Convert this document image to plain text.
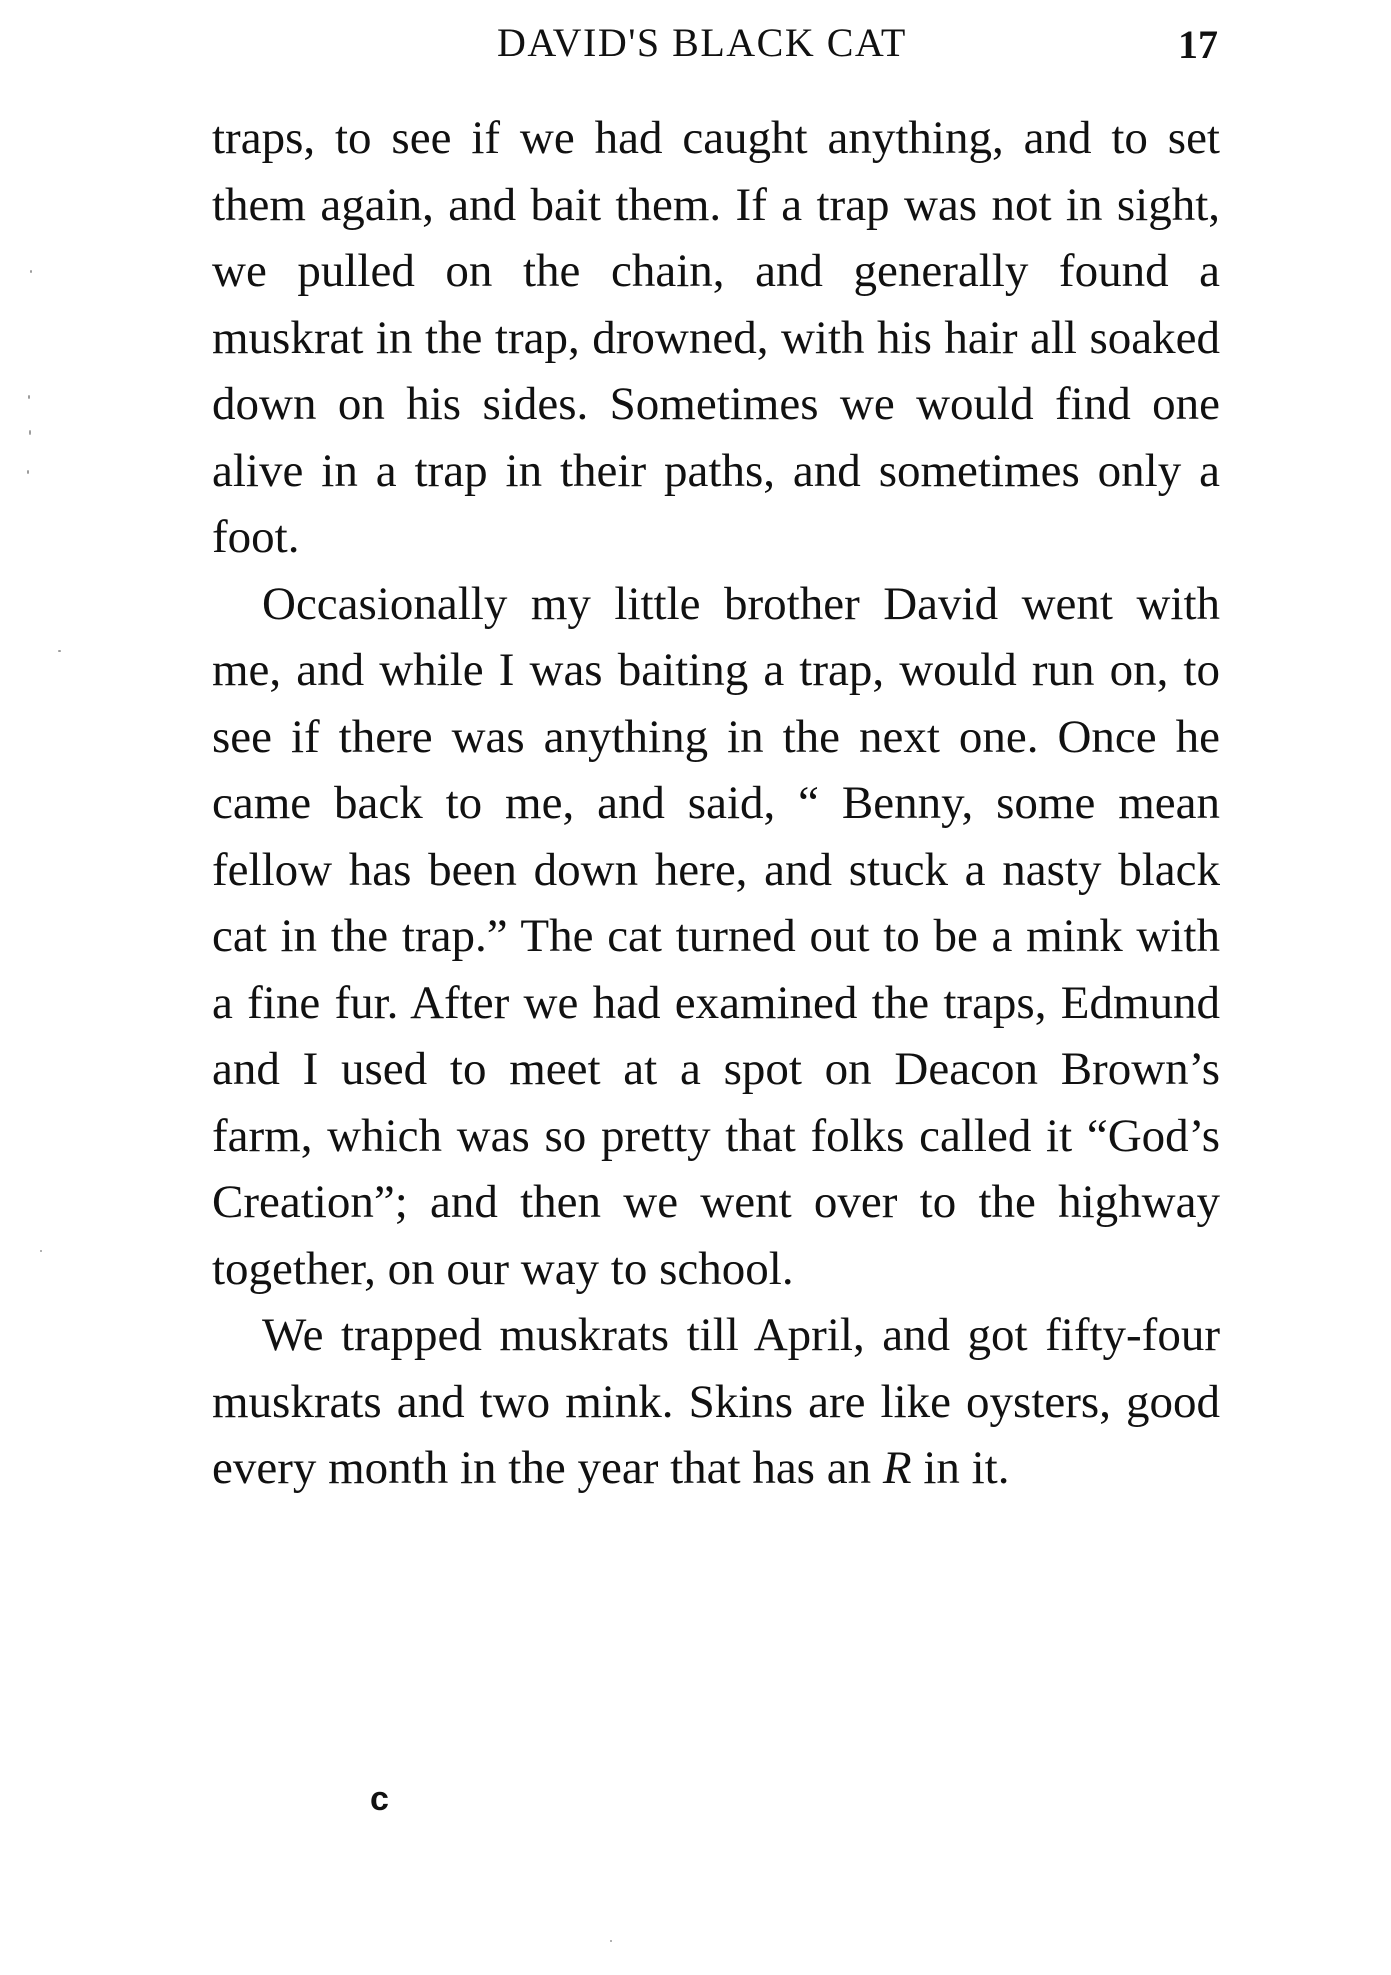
DAVID'S BLACK CAT	17

traps, to see if we had caught anything, and to set them again, and bait them. If a trap was not in sight, we pulled on the chain, and generally found a muskrat in the trap, drowned, with his hair all soaked down on his sides. Sometimes we would find one alive in a trap in their paths, and sometimes only a foot.

Occasionally my little brother David went with me, and while I was baiting a trap, would run on, to see if there was anything in the next one. Once he came back to me, and said, “ Benny, some mean fellow has been down here, and stuck a nasty black cat in the trap.” The cat turned out to be a mink with a fine fur. After we had examined the traps, Edmund and I used to meet at a spot on Deacon Brown’s farm, which was so pretty that folks called it “God’s Creation”; and then we went over to the highway together, on our way to school.

We trapped muskrats till April, and got fifty-four muskrats and two mink. Skins are like oysters, good every month in the year that has an R in it.

c
